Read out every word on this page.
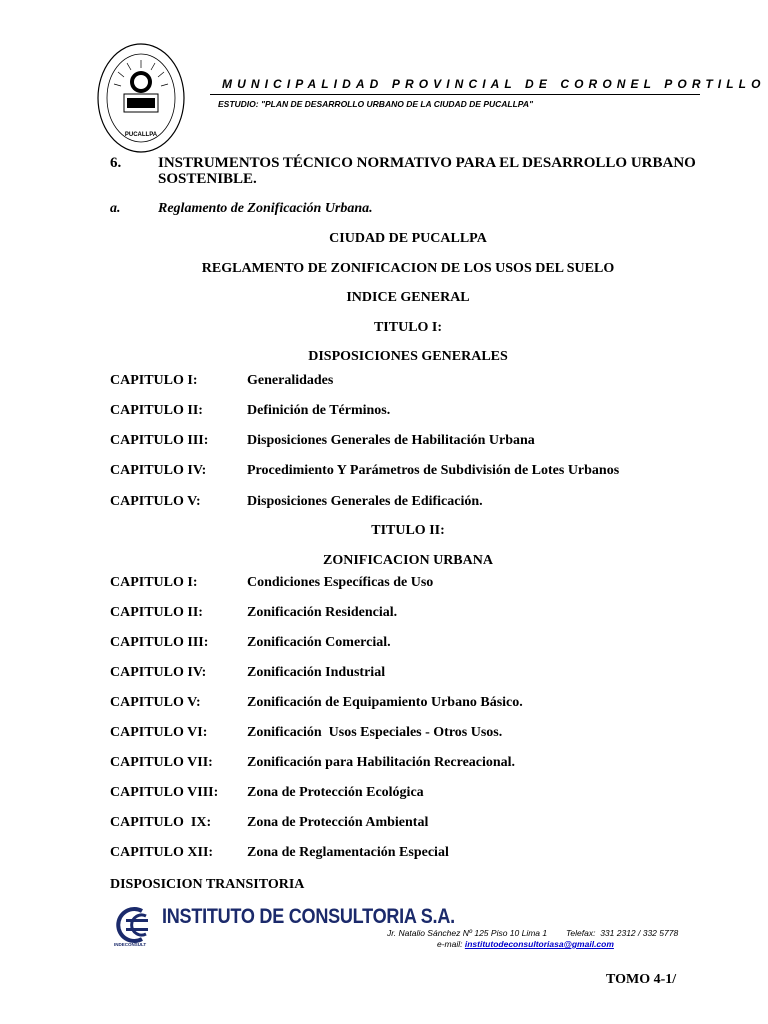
PUCALLPA
MUNICIPALIDAD PROVINCIAL DE CORONEL PORTILLO
ESTUDIO: "PLAN DE DESARROLLO URBANO DE LA CIUDAD DE PUCALLPA"
6. INSTRUMENTOS TÉCNICO NORMATIVO PARA EL DESARROLLO URBANO SOSTENIBLE.
a.	Reglamento de Zonificación Urbana.
CIUDAD DE PUCALLPA
REGLAMENTO DE ZONIFICACION DE LOS USOS DEL SUELO
INDICE GENERAL
TITULO I:
DISPOSICIONES GENERALES
CAPITULO I:	Generalidades
CAPITULO II:	Definición de Términos.
CAPITULO III:	Disposiciones Generales de Habilitación Urbana
CAPITULO IV:	Procedimiento Y Parámetros de Subdivisión de Lotes Urbanos
CAPITULO V:	Disposiciones Generales de Edificación.
TITULO II:
ZONIFICACION URBANA
CAPITULO I:	Condiciones Específicas de Uso
CAPITULO II:	Zonificación Residencial.
CAPITULO III:	Zonificación Comercial.
CAPITULO IV:	Zonificación Industrial
CAPITULO V:	Zonificación de Equipamiento Urbano Básico.
CAPITULO VI:	Zonificación  Usos Especiales - Otros Usos.
CAPITULO VII: Zonificación para Habilitación Recreacional.
CAPITULO VIII: Zona de Protección Ecológica
CAPITULO  IX:	Zona de Protección Ambiental
CAPITULO XII: Zona de Reglamentación Especial
DISPOSICION TRANSITORIA
INDECONSULT
INSTITUTO DE CONSULTORIA S.A.
Jr. Natalio Sánchez Nº 125 Piso 10 Lima 1        Telefax:  331 2312 / 332 5778
e-mail: institutodeconsultoriasa@gmail.com
TOMO 4-1/
